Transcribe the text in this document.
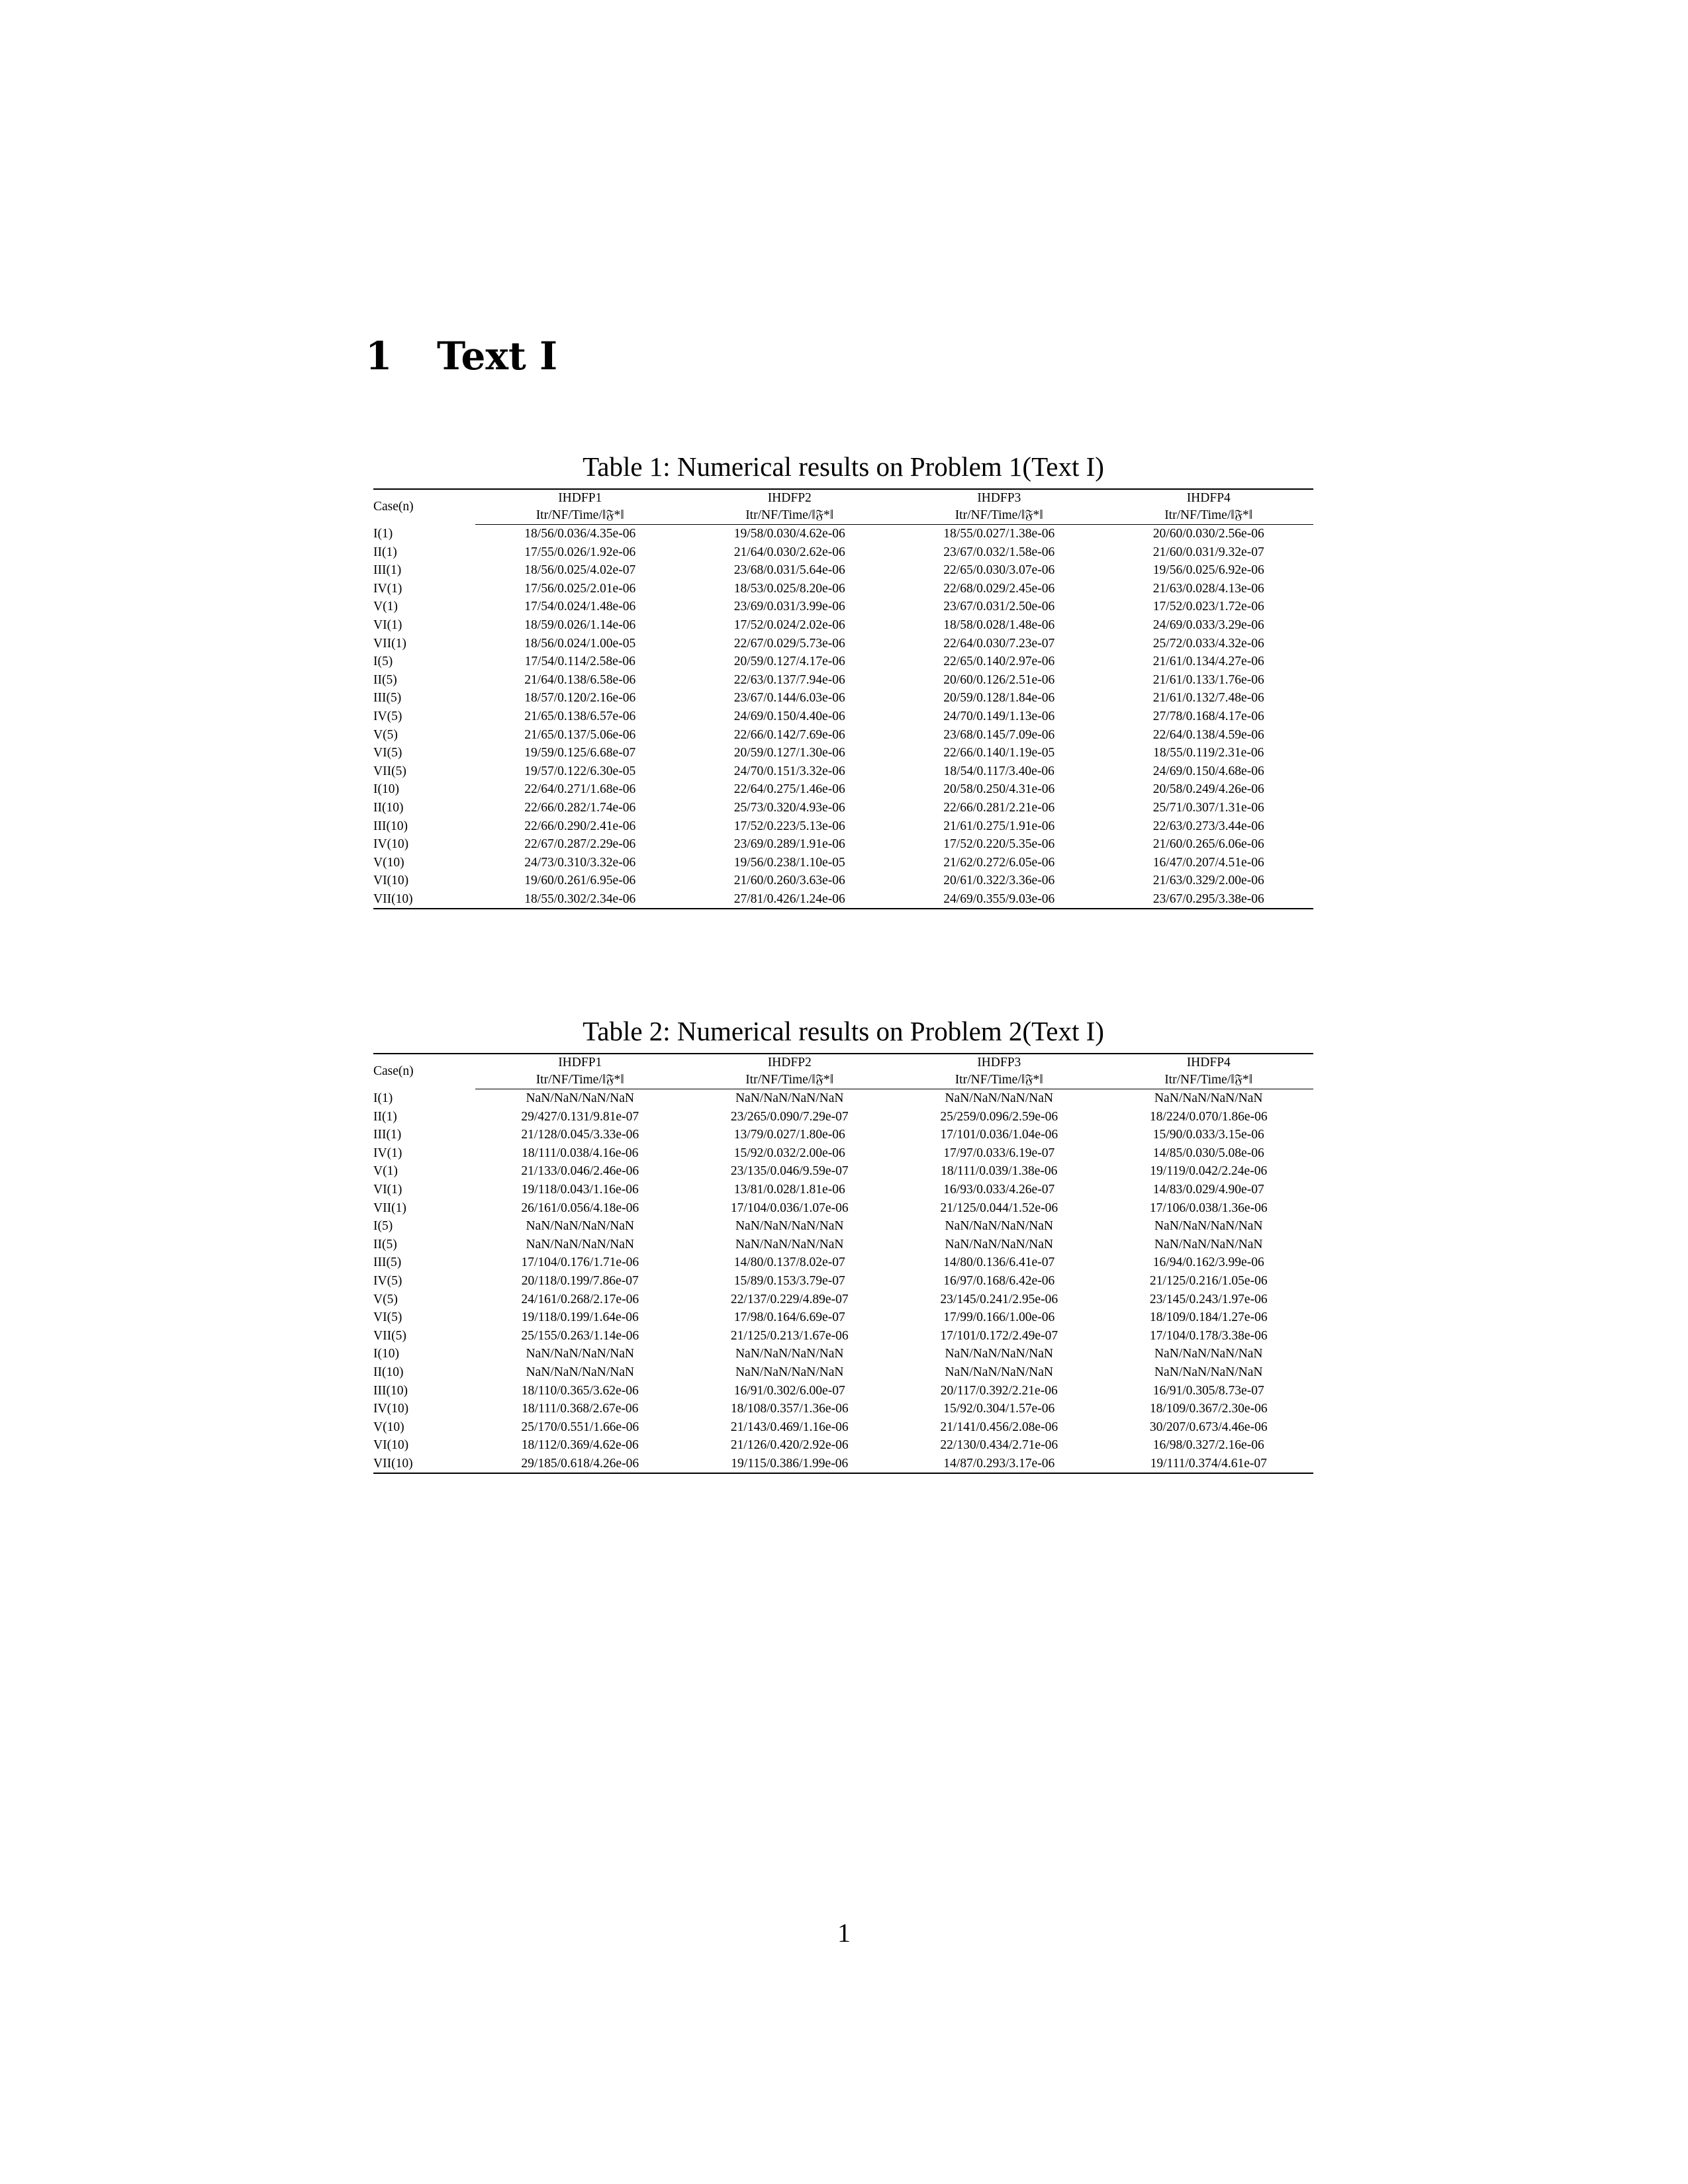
1 Text I
Table 1: Numerical results on Problem 1(Text I)
Case(n)	IHDFP1	IHDFP2	IHDFP3	IHDFP4
	Itr/NF/Time/‖𝔉*‖	Itr/NF/Time/‖𝔉*‖	Itr/NF/Time/‖𝔉*‖	Itr/NF/Time/‖𝔉*‖
I(1)	18/56/0.036/4.35e-06	19/58/0.030/4.62e-06	18/55/0.027/1.38e-06	20/60/0.030/2.56e-06
II(1)	17/55/0.026/1.92e-06	21/64/0.030/2.62e-06	23/67/0.032/1.58e-06	21/60/0.031/9.32e-07
III(1)	18/56/0.025/4.02e-07	23/68/0.031/5.64e-06	22/65/0.030/3.07e-06	19/56/0.025/6.92e-06
IV(1)	17/56/0.025/2.01e-06	18/53/0.025/8.20e-06	22/68/0.029/2.45e-06	21/63/0.028/4.13e-06
V(1)	17/54/0.024/1.48e-06	23/69/0.031/3.99e-06	23/67/0.031/2.50e-06	17/52/0.023/1.72e-06
VI(1)	18/59/0.026/1.14e-06	17/52/0.024/2.02e-06	18/58/0.028/1.48e-06	24/69/0.033/3.29e-06
VII(1)	18/56/0.024/1.00e-05	22/67/0.029/5.73e-06	22/64/0.030/7.23e-07	25/72/0.033/4.32e-06
I(5)	17/54/0.114/2.58e-06	20/59/0.127/4.17e-06	22/65/0.140/2.97e-06	21/61/0.134/4.27e-06
II(5)	21/64/0.138/6.58e-06	22/63/0.137/7.94e-06	20/60/0.126/2.51e-06	21/61/0.133/1.76e-06
III(5)	18/57/0.120/2.16e-06	23/67/0.144/6.03e-06	20/59/0.128/1.84e-06	21/61/0.132/7.48e-06
IV(5)	21/65/0.138/6.57e-06	24/69/0.150/4.40e-06	24/70/0.149/1.13e-06	27/78/0.168/4.17e-06
V(5)	21/65/0.137/5.06e-06	22/66/0.142/7.69e-06	23/68/0.145/7.09e-06	22/64/0.138/4.59e-06
VI(5)	19/59/0.125/6.68e-07	20/59/0.127/1.30e-06	22/66/0.140/1.19e-05	18/55/0.119/2.31e-06
VII(5)	19/57/0.122/6.30e-05	24/70/0.151/3.32e-06	18/54/0.117/3.40e-06	24/69/0.150/4.68e-06
I(10)	22/64/0.271/1.68e-06	22/64/0.275/1.46e-06	20/58/0.250/4.31e-06	20/58/0.249/4.26e-06
II(10)	22/66/0.282/1.74e-06	25/73/0.320/4.93e-06	22/66/0.281/2.21e-06	25/71/0.307/1.31e-06
III(10)	22/66/0.290/2.41e-06	17/52/0.223/5.13e-06	21/61/0.275/1.91e-06	22/63/0.273/3.44e-06
IV(10)	22/67/0.287/2.29e-06	23/69/0.289/1.91e-06	17/52/0.220/5.35e-06	21/60/0.265/6.06e-06
V(10)	24/73/0.310/3.32e-06	19/56/0.238/1.10e-05	21/62/0.272/6.05e-06	16/47/0.207/4.51e-06
VI(10)	19/60/0.261/6.95e-06	21/60/0.260/3.63e-06	20/61/0.322/3.36e-06	21/63/0.329/2.00e-06
VII(10)	18/55/0.302/2.34e-06	27/81/0.426/1.24e-06	24/69/0.355/9.03e-06	23/67/0.295/3.38e-06
Table 2: Numerical results on Problem 2(Text I)
Case(n)	IHDFP1	IHDFP2	IHDFP3	IHDFP4
	Itr/NF/Time/‖𝔉*‖	Itr/NF/Time/‖𝔉*‖	Itr/NF/Time/‖𝔉*‖	Itr/NF/Time/‖𝔉*‖
I(1)	NaN/NaN/NaN/NaN	NaN/NaN/NaN/NaN	NaN/NaN/NaN/NaN	NaN/NaN/NaN/NaN
II(1)	29/427/0.131/9.81e-07	23/265/0.090/7.29e-07	25/259/0.096/2.59e-06	18/224/0.070/1.86e-06
III(1)	21/128/0.045/3.33e-06	13/79/0.027/1.80e-06	17/101/0.036/1.04e-06	15/90/0.033/3.15e-06
IV(1)	18/111/0.038/4.16e-06	15/92/0.032/2.00e-06	17/97/0.033/6.19e-07	14/85/0.030/5.08e-06
V(1)	21/133/0.046/2.46e-06	23/135/0.046/9.59e-07	18/111/0.039/1.38e-06	19/119/0.042/2.24e-06
VI(1)	19/118/0.043/1.16e-06	13/81/0.028/1.81e-06	16/93/0.033/4.26e-07	14/83/0.029/4.90e-07
VII(1)	26/161/0.056/4.18e-06	17/104/0.036/1.07e-06	21/125/0.044/1.52e-06	17/106/0.038/1.36e-06
I(5)	NaN/NaN/NaN/NaN	NaN/NaN/NaN/NaN	NaN/NaN/NaN/NaN	NaN/NaN/NaN/NaN
II(5)	NaN/NaN/NaN/NaN	NaN/NaN/NaN/NaN	NaN/NaN/NaN/NaN	NaN/NaN/NaN/NaN
III(5)	17/104/0.176/1.71e-06	14/80/0.137/8.02e-07	14/80/0.136/6.41e-07	16/94/0.162/3.99e-06
IV(5)	20/118/0.199/7.86e-07	15/89/0.153/3.79e-07	16/97/0.168/6.42e-06	21/125/0.216/1.05e-06
V(5)	24/161/0.268/2.17e-06	22/137/0.229/4.89e-07	23/145/0.241/2.95e-06	23/145/0.243/1.97e-06
VI(5)	19/118/0.199/1.64e-06	17/98/0.164/6.69e-07	17/99/0.166/1.00e-06	18/109/0.184/1.27e-06
VII(5)	25/155/0.263/1.14e-06	21/125/0.213/1.67e-06	17/101/0.172/2.49e-07	17/104/0.178/3.38e-06
I(10)	NaN/NaN/NaN/NaN	NaN/NaN/NaN/NaN	NaN/NaN/NaN/NaN	NaN/NaN/NaN/NaN
II(10)	NaN/NaN/NaN/NaN	NaN/NaN/NaN/NaN	NaN/NaN/NaN/NaN	NaN/NaN/NaN/NaN
III(10)	18/110/0.365/3.62e-06	16/91/0.302/6.00e-07	20/117/0.392/2.21e-06	16/91/0.305/8.73e-07
IV(10)	18/111/0.368/2.67e-06	18/108/0.357/1.36e-06	15/92/0.304/1.57e-06	18/109/0.367/2.30e-06
V(10)	25/170/0.551/1.66e-06	21/143/0.469/1.16e-06	21/141/0.456/2.08e-06	30/207/0.673/4.46e-06
VI(10)	18/112/0.369/4.62e-06	21/126/0.420/2.92e-06	22/130/0.434/2.71e-06	16/98/0.327/2.16e-06
VII(10)	29/185/0.618/4.26e-06	19/115/0.386/1.99e-06	14/87/0.293/3.17e-06	19/111/0.374/4.61e-07
1
